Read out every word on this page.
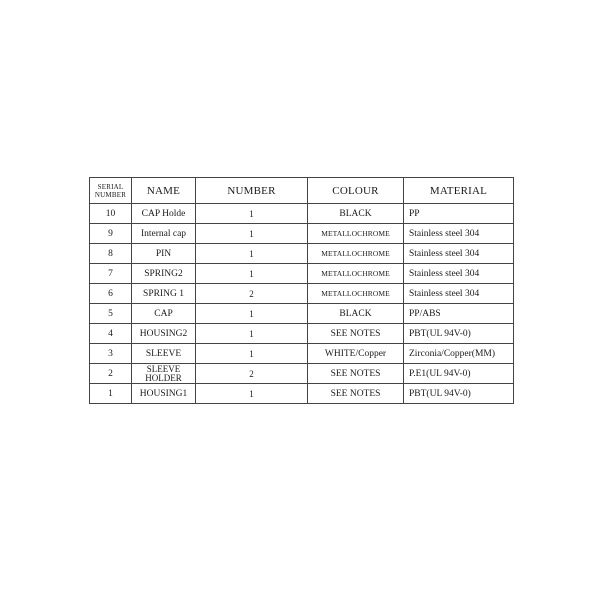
SERIAL NUMBER	NAME	NUMBER	COLOUR	MATERIAL
10	CAP Holde	1	BLACK	PP
9	Internal cap	1	METALLOCHROME	Stainless steel 304
8	PIN	1	METALLOCHROME	Stainless steel 304
7	SPRING2	1	METALLOCHROME	Stainless steel 304
6	SPRING 1	2	METALLOCHROME	Stainless steel 304
5	CAP	1	BLACK	PP/ABS
4	HOUSING2	1	SEE NOTES	PBT(UL 94V-0)
3	SLEEVE	1	WHITE/Copper	Zirconia/Copper(MM)
2	SLEEVE HOLDER	2	SEE NOTES	P.E1(UL 94V-0)
1	HOUSING1	1	SEE NOTES	PBT(UL 94V-0)
